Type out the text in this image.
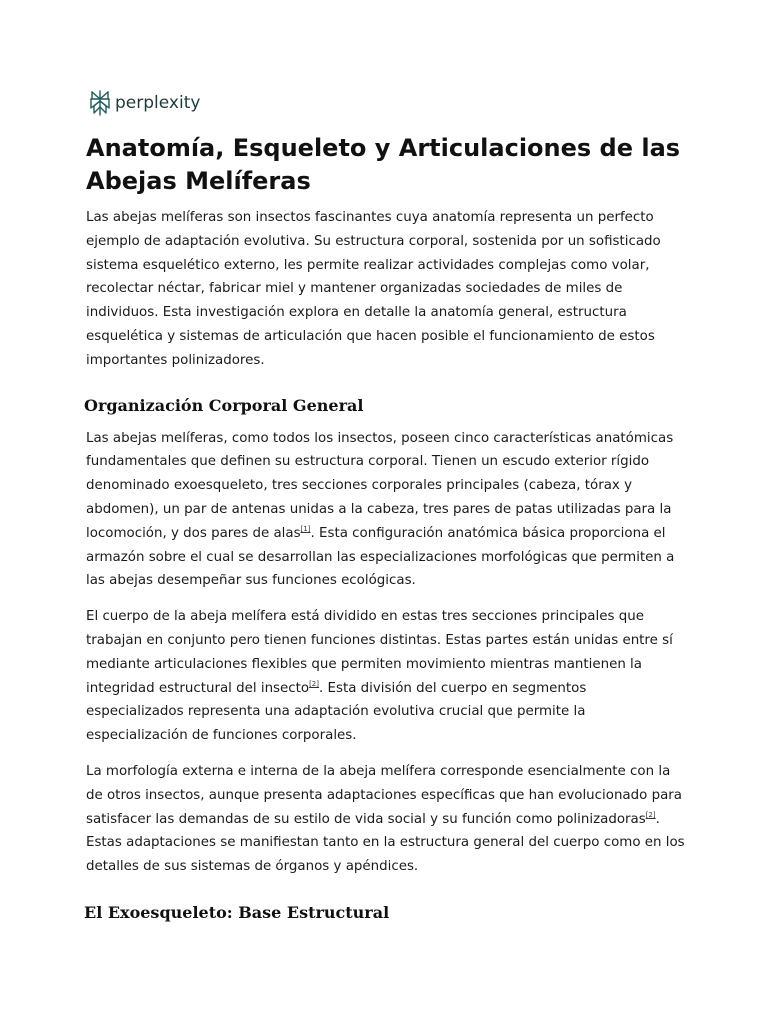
perplexity
Anatomía, Esqueleto y Articulaciones de las Abejas Melíferas

Las abejas melíferas son insectos fascinantes cuya anatomía representa un perfecto ejemplo de adaptación evolutiva. Su estructura corporal, sostenida por un sofisticado sistema esquelético externo, les permite realizar actividades complejas como volar, recolectar néctar, fabricar miel y mantener organizadas sociedades de miles de individuos. Esta investigación explora en detalle la anatomía general, estructura esquelética y sistemas de articulación que hacen posible el funcionamiento de estos importantes polinizadores.

Organización Corporal General

Las abejas melíferas, como todos los insectos, poseen cinco características anatómicas fundamentales que definen su estructura corporal. Tienen un escudo exterior rígido denominado exoesqueleto, tres secciones corporales principales (cabeza, tórax y abdomen), un par de antenas unidas a la cabeza, tres pares de patas utilizadas para la locomoción, y dos pares de alas[1]. Esta configuración anatómica básica proporciona el armazón sobre el cual se desarrollan las especializaciones morfológicas que permiten a las abejas desempeñar sus funciones ecológicas.

El cuerpo de la abeja melífera está dividido en estas tres secciones principales que trabajan en conjunto pero tienen funciones distintas. Estas partes están unidas entre sí mediante articulaciones flexibles que permiten movimiento mientras mantienen la integridad estructural del insecto[2]. Esta división del cuerpo en segmentos especializados representa una adaptación evolutiva crucial que permite la especialización de funciones corporales.

La morfología externa e interna de la abeja melífera corresponde esencialmente con la de otros insectos, aunque presenta adaptaciones específicas que han evolucionado para satisfacer las demandas de su estilo de vida social y su función como polinizadoras[2]. Estas adaptaciones se manifiestan tanto en la estructura general del cuerpo como en los detalles de sus sistemas de órganos y apéndices.

El Exoesqueleto: Base Estructural
